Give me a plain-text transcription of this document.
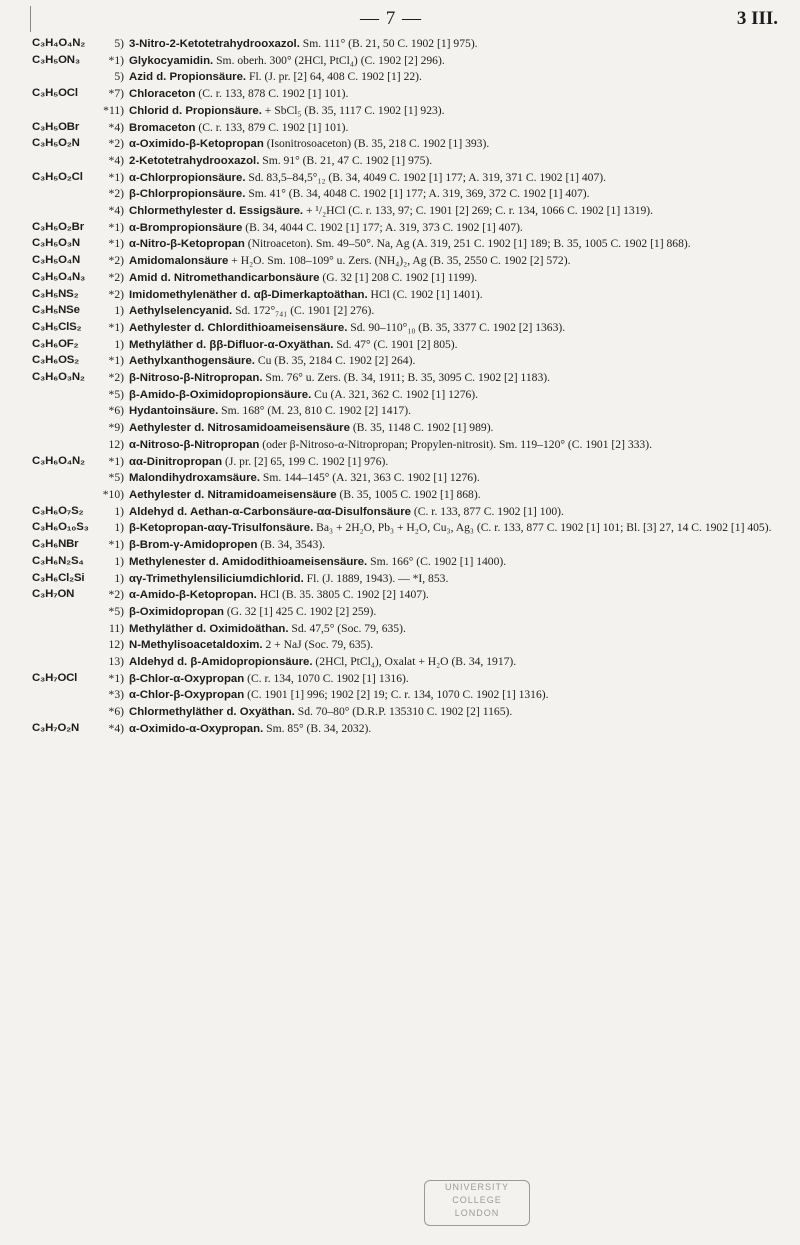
— 7 —	3 III.
C₃H₄O₄N₂	5) 3-Nitro-2-Ketotetrahydrooxazol. Sm. 111° (B. 21, 50 C. 1902 [1] 975).
C₃H₅ON₃	*1) Glykocyamidin. Sm. oberh. 300° (2HCl, PtCl₄) (C. 1902 [2] 296).
5) Azid d. Propionsäure. Fl. (J. pr. [2] 64, 408 C. 1902 [1] 22).
C₃H₅OCl	*7) Chloraceton (C. r. 133, 878 C. 1902 [1] 101).
*11) Chlorid d. Propionsäure. + SbCl₅ (B. 35, 1117 C. 1902 [1] 923).
C₃H₅OBr	*4) Bromaceton (C. r. 133, 879 C. 1902 [1] 101).
C₃H₅O₂N	*2) α-Oximido-β-Ketopropan (Isonitrosoaceton) (B. 35, 218 C. 1902 [1] 393).
*4) 2-Ketotetrahydrooxazol. Sm. 91° (B. 21, 47 C. 1902 [1] 975).
C₃H₅O₂Cl	*1) α-Chlorpropionsäure. Sd. 83,5–84,5°₁₂ (B. 34, 4049 C. 1902 [1] 177; A. 319, 371 C. 1902 [1] 407).
*2) β-Chlorpropionsäure. Sm. 41° (B. 34, 4048 C. 1902 [1] 177; A. 319, 369, 372 C. 1902 [1] 407).
*4) Chlormethylester d. Essigsäure. + ¹/₂HCl (C. r. 133, 97; C. 1901 [2] 269; C. r. 134, 1066 C. 1902 [1] 1319).
C₃H₅O₂Br	*1) α-Brompropionsäure (B. 34, 4044 C. 1902 [1] 177; A. 319, 373 C. 1902 [1] 407).
C₃H₅O₃N	*1) α-Nitro-β-Ketopropan (Nitroaceton). Sm. 49–50°. Na, Ag (A. 319, 251 C. 1902 [1] 189; B. 35, 1005 C. 1902 [1] 868).
C₃H₅O₄N	*2) Amidomalonsäure + H₂O. Sm. 108–109° u. Zers. (NH₄)₂, Ag (B. 35, 2550 C. 1902 [2] 572).
C₃H₅O₄N₃	*2) Amid d. Nitromethandicarbonsäure (G. 32 [1] 208 C. 1902 [1] 1199).
C₃H₅NS₂	*2) Imidomethylenäther d. αβ-Dimerkaptoäthan. HCl (C. 1902 [1] 1401).
C₃H₅NSe	1) Aethylselencyanid. Sd. 172°₇₄₁ (C. 1901 [2] 276).
C₃H₅ClS₂	*1) Aethylester d. Chlordithioameisensäure. Sd. 90–110°₁₀ (B. 35, 3377 C. 1902 [2] 1363).
C₃H₆OF₂	1) Methyläther d. ββ-Difluor-α-Oxyäthan. Sd. 47° (C. 1901 [2] 805).
C₃H₆OS₂	*1) Aethylxanthogensäure. Cu (B. 35, 2184 C. 1902 [2] 264).
C₃H₆O₃N₂	*2) β-Nitroso-β-Nitropropan. Sm. 76° u. Zers. (B. 34, 1911; B. 35, 3095 C. 1902 [2] 1183).
*5) β-Amido-β-Oximidopropionsäure. Cu (A. 321, 362 C. 1902 [1] 1276).
*6) Hydantoinsäure. Sm. 168° (M. 23, 810 C. 1902 [2] 1417).
*9) Aethylester d. Nitrosamidoameisensäure (B. 35, 1148 C. 1902 [1] 989).
12) α-Nitroso-β-Nitropropan (oder β-Nitroso-α-Nitropropan; Propylen-nitrosit). Sm. 119–120° (C. 1901 [2] 333).
C₃H₆O₄N₂	*1) αα-Dinitropropan (J. pr. [2] 65, 199 C. 1902 [1] 976).
*5) Malondihydroxamsäure. Sm. 144–145° (A. 321, 363 C. 1902 [1] 1276).
*10) Aethylester d. Nitramidoameisensäure (B. 35, 1005 C. 1902 [1] 868).
C₃H₆O₇S₂	1) Aldehyd d. Aethan-α-Carbonsäure-αα-Disulfonsäure (C. r. 133, 877 C. 1902 [1] 100).
C₃H₆O₁₀S₃	1) β-Ketopropan-ααγ-Trisulfonsäure. Ba₃ + 2H₂O, Pb₃ + H₂O, Cu₃, Ag₃ (C. r. 133, 877 C. 1902 [1] 101; Bl. [3] 27, 14 C. 1902 [1] 405).
C₃H₆NBr	*1) β-Brom-γ-Amidopropen (B. 34, 3543).
C₃H₆N₂S₄	1) Methylenester d. Amidodithioameisensäure. Sm. 166° (C. 1902 [1] 1400).
C₃H₆Cl₂Si	1) αγ-Trimethylensiliciumdichlorid. Fl. (J. 1889, 1943). — *I, 853.
C₃H₇ON	*2) α-Amido-β-Ketopropan. HCl (B. 35. 3805 C. 1902 [2] 1407).
*5) β-Oximidopropan (G. 32 [1] 425 C. 1902 [2] 259).
11) Methyläther d. Oximidoäthan. Sd. 47,5° (Soc. 79, 635).
12) N-Methylisoacetaldoxim. 2 + NaJ (Soc. 79, 635).
13) Aldehyd d. β-Amidopropionsäure. (2HCl, PtCl₄), Oxalat + H₂O (B. 34, 1917).
C₃H₇OCl	*1) β-Chlor-α-Oxypropan (C. r. 134, 1070 C. 1902 [1] 1316).
*3) α-Chlor-β-Oxypropan (C. 1901 [1] 996; 1902 [2] 19; C. r. 134, 1070 C. 1902 [1] 1316).
*6) Chlormethyläther d. Oxyäthan. Sd. 70–80° (D.R.P. 135310 C. 1902 [2] 1165).
C₃H₇O₂N	*4) α-Oximido-α-Oxypropan. Sm. 85° (B. 34, 2032).
UNIVERSITY
COLLEGE
LONDON
